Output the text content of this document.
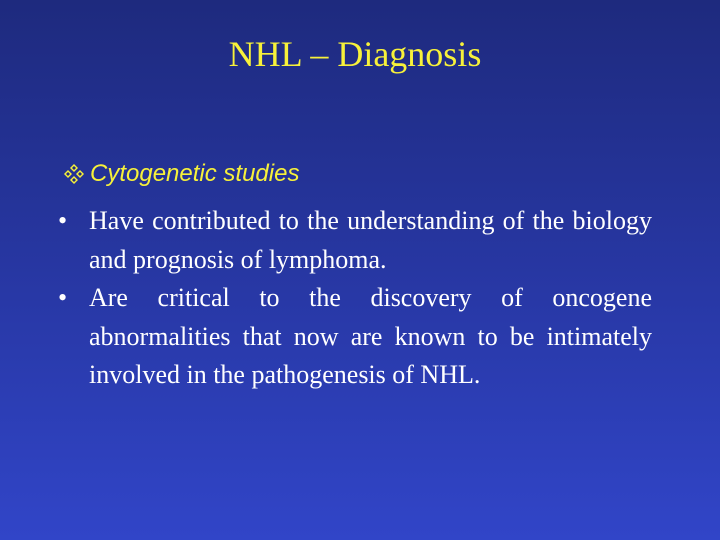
NHL – Diagnosis
Cytogenetic studies
• Have contributed to the understanding of the biology and prognosis of lymphoma.
• Are critical to the discovery of oncogene abnormalities that now are known to be intimately involved in the pathogenesis of NHL.
